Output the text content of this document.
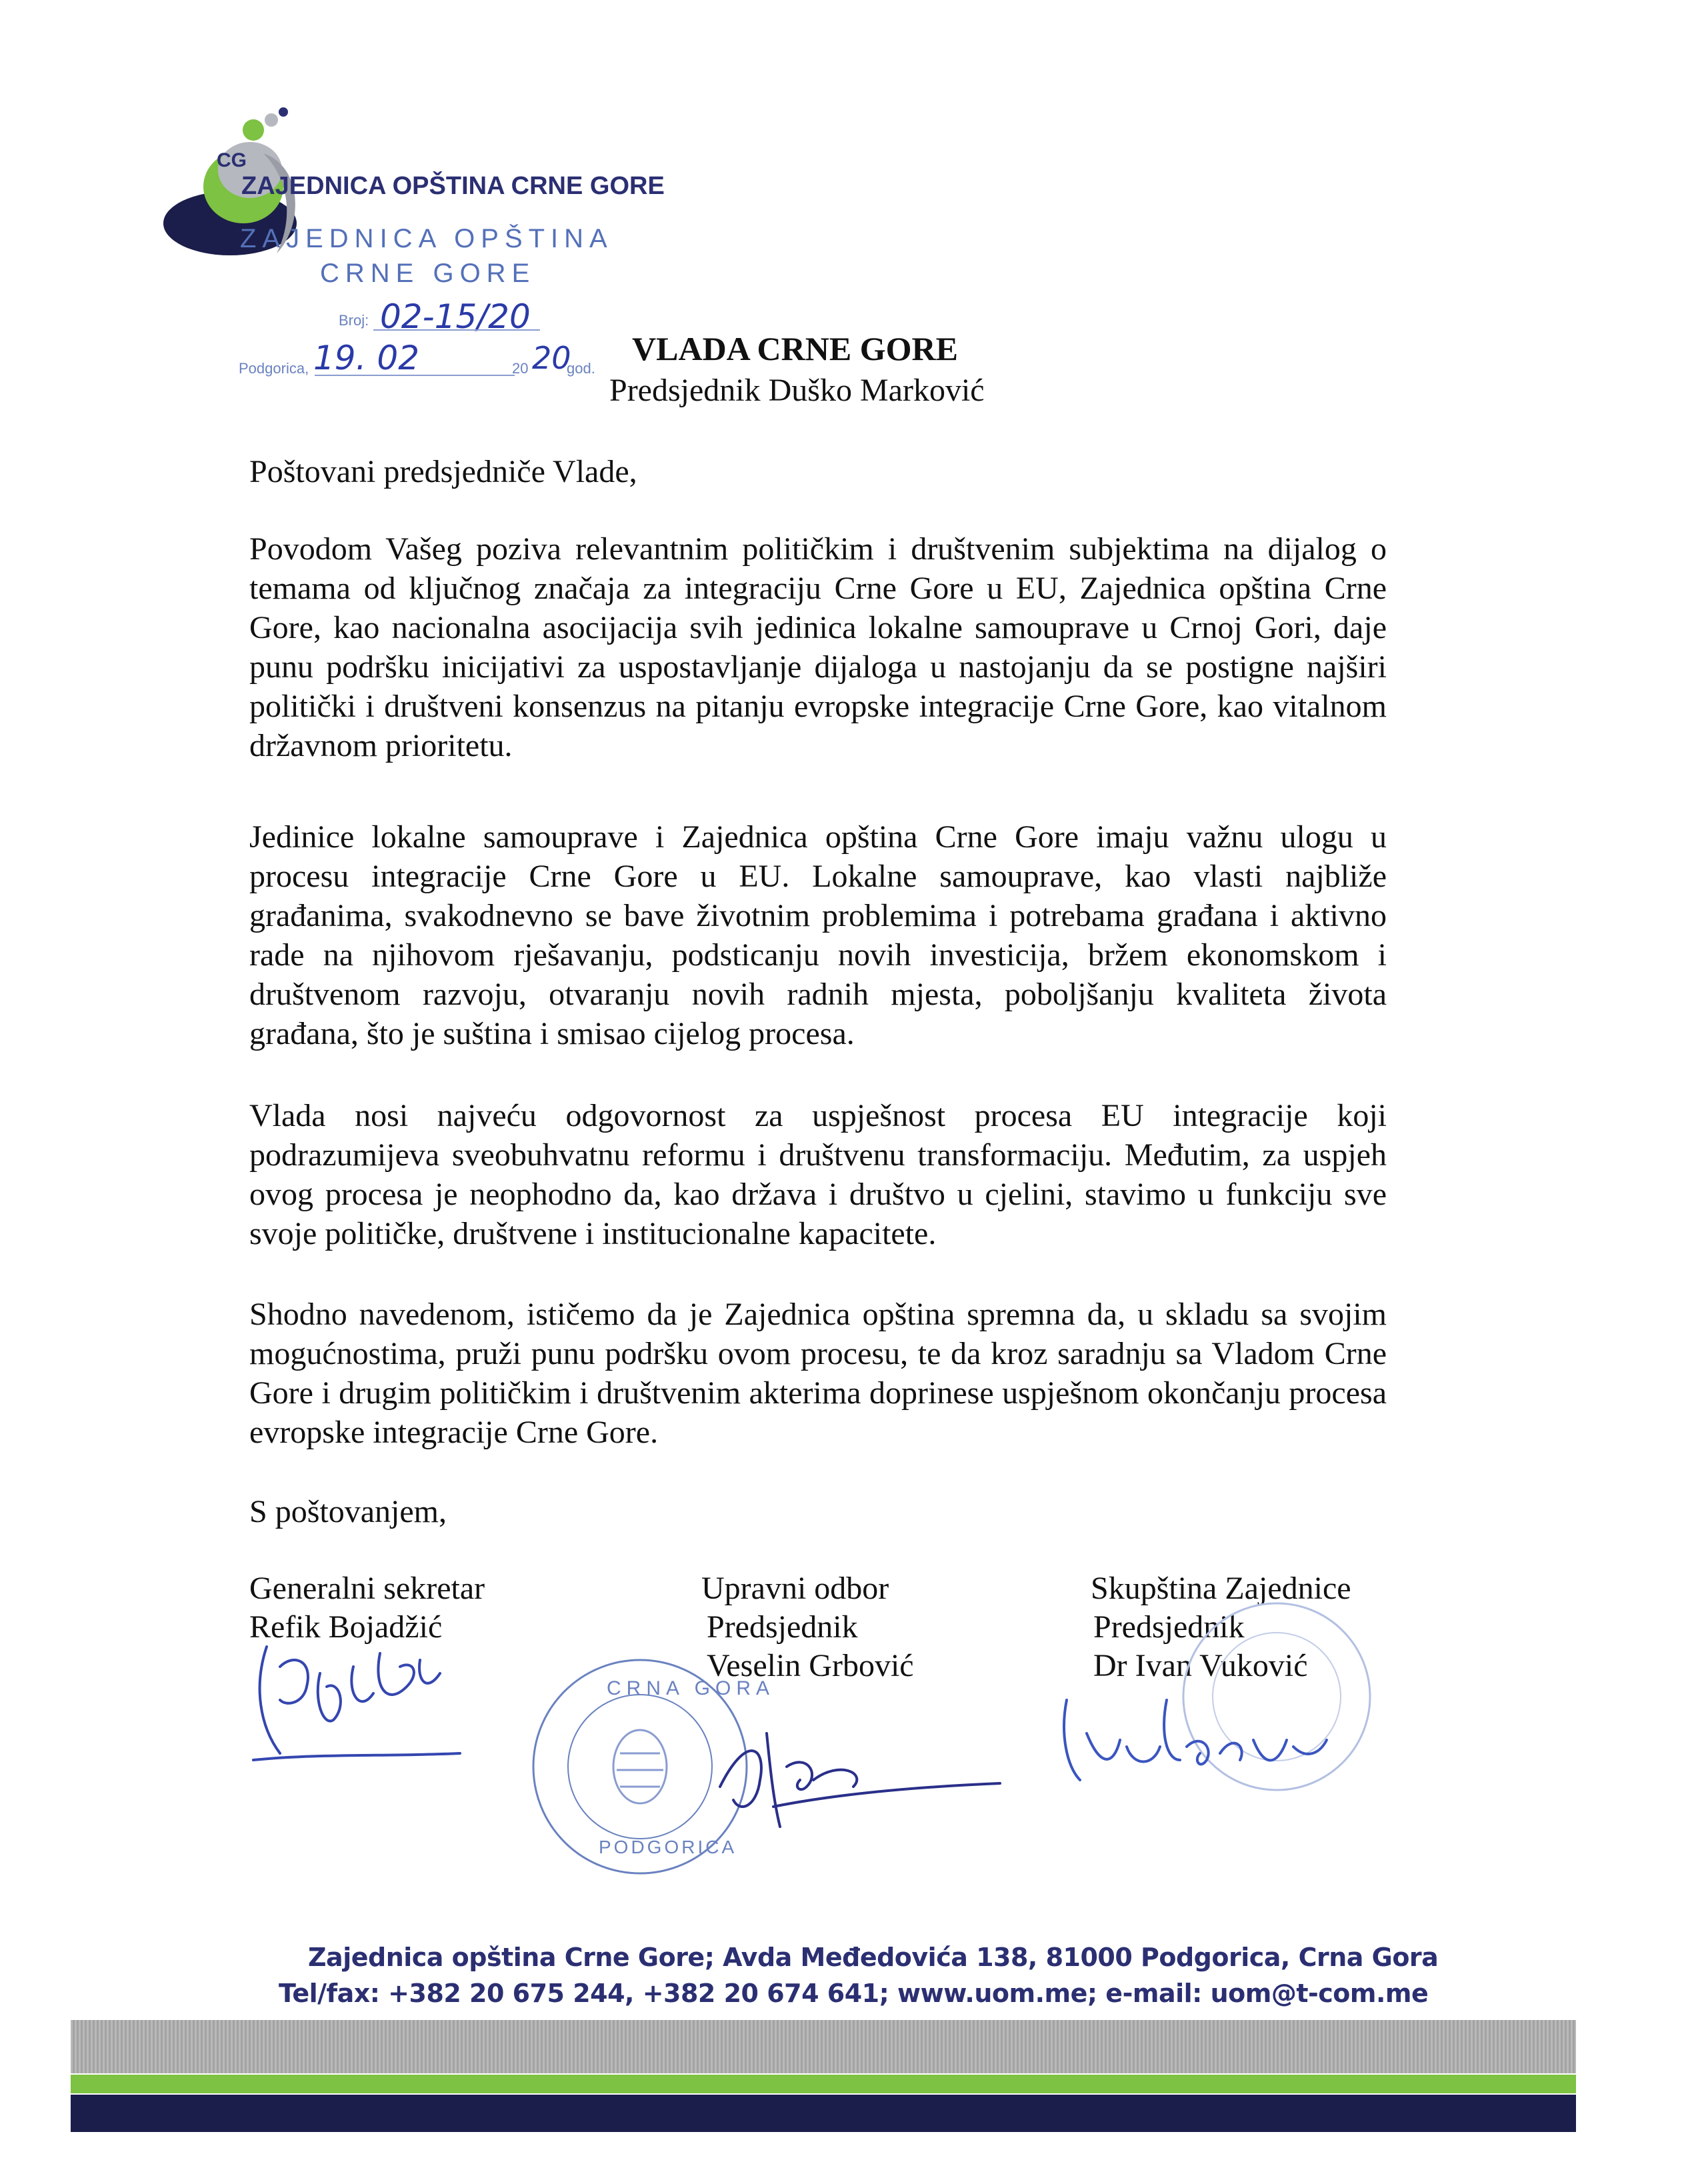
CG
ZAJEDNICA OPŠTINA CRNE GORE
ZAJEDNICA OPŠTINA
CRNE GORE
Broj: 02-15/20
Podgorica, 19. 02	20 20
god.
VLADA CRNE GORE
Predsjednik Duško Marković
Poštovani predsjedniče Vlade,

Povodom Vašeg poziva relevantnim političkim i društvenim subjektima na dijalog o temama od ključnog značaja za integraciju Crne Gore u EU, Zajednica opština Crne Gore, kao nacionalna asocijacija svih jedinica lokalne samouprave u Crnoj Gori, daje punu podršku inicijativi za uspostavljanje dijaloga u nastojanju da se postigne najširi politički i društveni konsenzus na pitanju evropske integracije Crne Gore, kao vitalnom državnom prioritetu.

Jedinice lokalne samouprave i Zajednica opština Crne Gore imaju važnu ulogu u procesu integracije Crne Gore u EU. Lokalne samouprave, kao vlasti najbliže građanima, svakodnevno se bave životnim problemima i potrebama građana i aktivno rade na njihovom rješavanju, podsticanju novih investicija, bržem ekonomskom i društvenom razvoju, otvaranju novih radnih mjesta, poboljšanju kvaliteta života građana, što je suština i smisao cijelog procesa.

Vlada nosi najveću odgovornost za uspješnost procesa EU integracije koji podrazumijeva sveobuhvatnu reformu i društvenu transformaciju. Međutim, za uspjeh ovog procesa je neophodno da, kao država i društvo u cjelini, stavimo u funkciju sve svoje političke, društvene i institucionalne kapacitete.

Shodno navedenom, ističemo da je Zajednica opština spremna da, u skladu sa svojim mogućnostima, pruži punu podršku ovom procesu, te da kroz saradnju sa Vladom Crne Gore i drugim političkim i društvenim akterima doprinese uspješnom okončanju procesa evropske integracije Crne Gore.

S poštovanjem,
Generalni sekretar
Refik Bojadžić
Upravni odbor
Predsjednik
Veselin Grbović
Skupština Zajednice
Predsjednik
Dr Ivan Vuković
CRNA GORA
PODGORICA
Zajednica opština Crne Gore; Avda Međedovića 138, 81000 Podgorica, Crna Gora
Tel/fax: +382 20 675 244, +382 20 674 641; www.uom.me; e-mail: uom@t-com.me
